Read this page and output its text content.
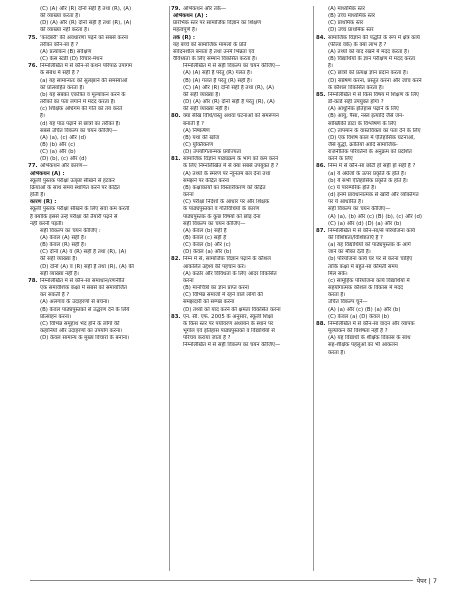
(C) (A) और (R) दोनों सही हैं तथा (R), (A)
की व्याख्या करता है।
(D) (A) और (R) दोनों सही हैं तथा (R), (A)
की व्याख्या नहीं करता है।
75. 'कादंबरी' की अवधारणा पढ़ने को सबसे करना
तरीका कौन-सा है ?
(A) प्रत्यांकन (B) सर्वेक्षण
(C) केस स्टडी (D) विचार-मंथन
76. निम्नलिखित में से कौन-से कथन परिपाठ उपागम
के संबंध में सही हैं ?
(a) यह सामान्यतः को सुलझाने की समस्याओं
को प्रोत्साहित करता है।
(b) यह सबका एकत्रित व मूल्यांकन करने के
तरीकों का पता लगाने में मदद करता है।
(c) शिक्षिक अधिगम की गति को तय करते
है।
(d) यह पाठ पढ़ाने से छात्रों का तरीका है।
सबसे उचित विकल्प का चयन कीजिए—
(A) (a), (c) और (d)
(B) (b) और (c)
(C) (a) और (b)
(D) (b), (c) और (d)
77. अभिकथन और कारण—
अभिकथन (A) :
स्कूली पुस्तक परीक्षा उत्कृष्ट सीखने से हटकर
क्रियाओं के साथ समय स्थापित करने पर केंद्रित
होती है।
कारण (R) :
स्कूली पुस्तक परीक्षा सीखने के लिए सवा कम करती
है क्योंकि इससे उन्हें परीक्षा की तैयारी पढ़ने से
नहीं करनी पड़ती।
सही विकल्प का चयन कीजिए :
(A) केवल (A) सही है।
(B) केवल (R) सही है।
(C) दोनों (A) व (R) सही हैं तथा (R), (A)
की सही व्याख्या है।
(D) दोनों (A) व (R) सही हैं तथा (R), (A) की
सही व्याख्या नहीं है।
78. निम्नलिखित में से कौन-सा समाधान/रणनीति
एक समावेशिक कक्षा में सबसे को समायोजित
कर सकती है ?
(A) अलगाव के उदाहरणों से बचना।
(B) केवल पाठ्यपुस्तकों से उद्धरण देने के लिये
प्रोत्साहन करना।
(C) विभिन्न समूहाथ भेद होने के लोगों की
कहानियों और उदाहरणों का उपयोग करना।
(D) केवल सामान्य के मुख्य विचारों के बनाना।
79. अभिकथन और तर्क—
अभिकथन (A) :
प्रारंभिक स्तर पर सामाजिक विज्ञान का शिक्षण
महत्वपूर्ण है।
तर्क (R) :
यह बच्चे को सामाजिक मामलों के प्रति
संवेदनशील बनाता है तथा उनमें भिन्नता एवं
वैविध्यता के लिए सम्मान विकसित करता है।
निम्नलिखित में से सही विकल्प का चयन कीजिए—
(A) (A) सही है परंतु (R) गलत है।
(B) (A) गलत है परंतु (R) सही है।
(C) (A) और (R) दोनों सही हैं तथा (R), (A)
की सही व्याख्या है।
(D) (A) और (R) दोनों सही हैं परंतु (R), (A)
की सही व्याख्या नहीं है।
80. क्या सीख विधि/वस्तु अथवा घटनाओं को समरूपन
बनाती है ?
(A) निष्कर्षण
(B) यथा की खोज
(C) युक्तिकरण
(D) उपयोगितान्मक प्रयोज्यता
81. सामाजिक विज्ञान पाठ्यक्रम के भाग को कम करने
के लिए निम्नलिखित में से क्या सबसे उपयुक्त है ?
(A) तथ्यों के स्मरण पर न्यूनतम बल देना तथा
समझने पर केंद्रित करना
(B) कक्षाकार्यों का विस्तारीकरण को केंद्रित
करना
(C) परीक्षा निर्देशों के आधार पर और शिक्षक
के पाठ्यपुस्तकों व गतिविधियों के कारण
पाठ्यपुस्तक के कुछ विषयों को छोड़ देना
सही विकल्प का चयन कीजिए—
(A) केवल (b) सही है
(B) केवल (c) सही है
(C) केवल (b) और (c)
(D) केवल (a) और (b)
82. निम्न में से, सामाजिक विज्ञान पढ़ाने के कौशल
आकलित उद्देश्य की पहचान करें।
(A) कठोर और विविधता के लिए आदर विकसित
करना
(B) मानचित्रों का ज्ञान प्राप्त करना
(C) विभिन्न समाजों में रहने वाले लोगों की
समझदारी को सम्पन्न करना
(D) तथ्यों को याद करने की क्षमता विकसित करना
83. एन. सी. एफ. 2005 के अनुसार, स्कूली शिक्षा
के किस स्तर पर पर्यावरण अध्ययन के स्थान पर
भूगोल एवं इतिहास पाठ्यपुस्तकों व विद्यार्थियों से
परिचय कराया जाता है ?
निम्नलिखित में से सही विकल्प का चयन कीजिए—
(A) माध्यमिक स्तर
(B) उच्च माध्यमिक स्तर
(C) प्राथमिक स्तर
(D) उच्च प्राथमिक स्तर
84. सामाजिक विज्ञान की पद्धति के रूप में क्षेत्र कार्य
(फील्ड वर्क) के क्या लाभ है ?
(A) तथ्यों को याद रखने में मदद करता है।
(B) विद्यार्थियों के ज्ञान परीक्षण में मदद करता
है।
(C) छात्रों को प्रत्यक्ष ज्ञान प्रदान करता है।
(D) संप्रेषण करना, प्रस्तुत करना और जांच करने
के कौशल विकसित करता है।
85. निम्नलिखित में से किस विषय में शिक्षण के लिए
डॉ-कार्ड सही उपयुक्त होगा ?
(A) आधुनिक इतिहास पढ़ाने के लिए
(B) आयु, पैसा, नस्ल इत्यादि जैसे जन-
सांख्यिकी डाटा के विश्लेषण के लिए
(C) तापमान के वास्तविक्ता का पता देने के लिए
(D) एक विशेष काल में ऐतिहासिक घटनाओं,
जैसे युद्धों, क्रांतियों आदि सामाजिक-
राजनीतिक परिवर्तनों के अनुक्रम को प्रदर्शित
करने के लिए
86. निम्न में से कौन-सा छोटी हो सही हो सही है ?
(a) ये अंग्रेजों के ऊपर प्रकृति के होते है।
(b) ये सभी ऐतिहासिक प्रकृति के होते है।
(c) ये पारम्परिक होते है।
(d) इनमें प्रावधानात्मक से खोरी और व्यक्तिगत
पर ये आधारित है।
सही विकल्प का चयन कीजिए—
(A) (a), (b) और (c) (B) (b), (c) और (d)
(C) (a) और (d) (D) (a) और (b)
87. निम्नलिखित में से कौन-सा/से परियोजना कार्य
की विशिष्टता/विशिष्टताएँ है ?
(a) यह विद्यार्थियों को पाठ्यपुस्तक के आगे
जाने का मौका देती है।
(b) परियोजना कार्य घर पर से करना चाहिए
ताकि कक्षा में बहुत-सा कीमती समय
मिल सके।
(c) सामूहिक परियोजना कार्य विद्यार्थियों में
सहयोगात्मक कौशल के विकास में मदद
करता है।
उचित विकल्प चुनें—
(A) (a) और (c) (B) (a) और (b)
(C) केवल (a) (D) केवल (b)
88. निम्नलिखित में से कौन-सा वादन और व्यापक
मूल्यांकन की विशेषता नहीं है ?
(A) यह विद्यार्थी के शैक्षिक विकास के साथ
सह-शैक्षिक पहलुओं का भी आकलन
करता है।
पेपर | 7
